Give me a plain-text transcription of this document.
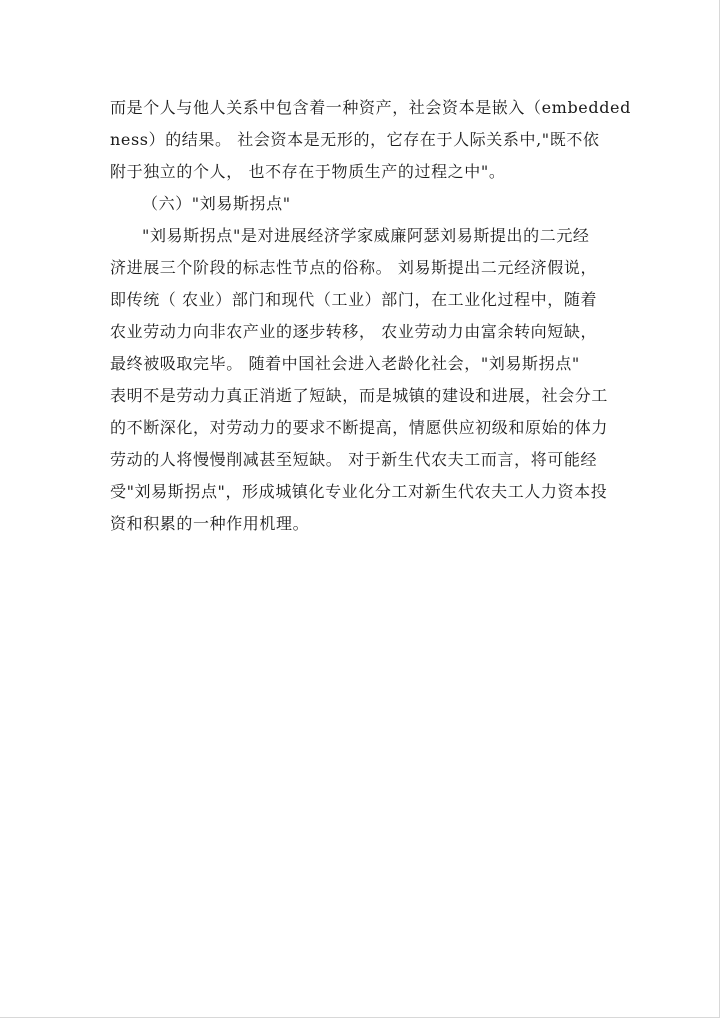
而是个人与他人关系中包含着一种资产，社会资本是嵌入（embedded
ness）的结果。 社会资本是无形的，它存在于人际关系中,"既不依
附于独立的个人， 也不存在于物质生产的过程之中"。
（六）"刘易斯拐点"
"刘易斯拐点"是对进展经济学家威廉阿瑟刘易斯提出的二元经
济进展三个阶段的标志性节点的俗称。 刘易斯提出二元经济假说，
即传统（ 农业）部门和现代（工业）部门，在工业化过程中，随着
农业劳动力向非农产业的逐步转移， 农业劳动力由富余转向短缺，
最终被吸取完毕。 随着中国社会进入老龄化社会，"刘易斯拐点"
表明不是劳动力真正消逝了短缺，而是城镇的建设和进展，社会分工
的不断深化，对劳动力的要求不断提高，情愿供应初级和原始的体力
劳动的人将慢慢削减甚至短缺。 对于新生代农夫工而言，将可能经
受"刘易斯拐点"，形成城镇化专业化分工对新生代农夫工人力资本投
资和积累的一种作用机理。
